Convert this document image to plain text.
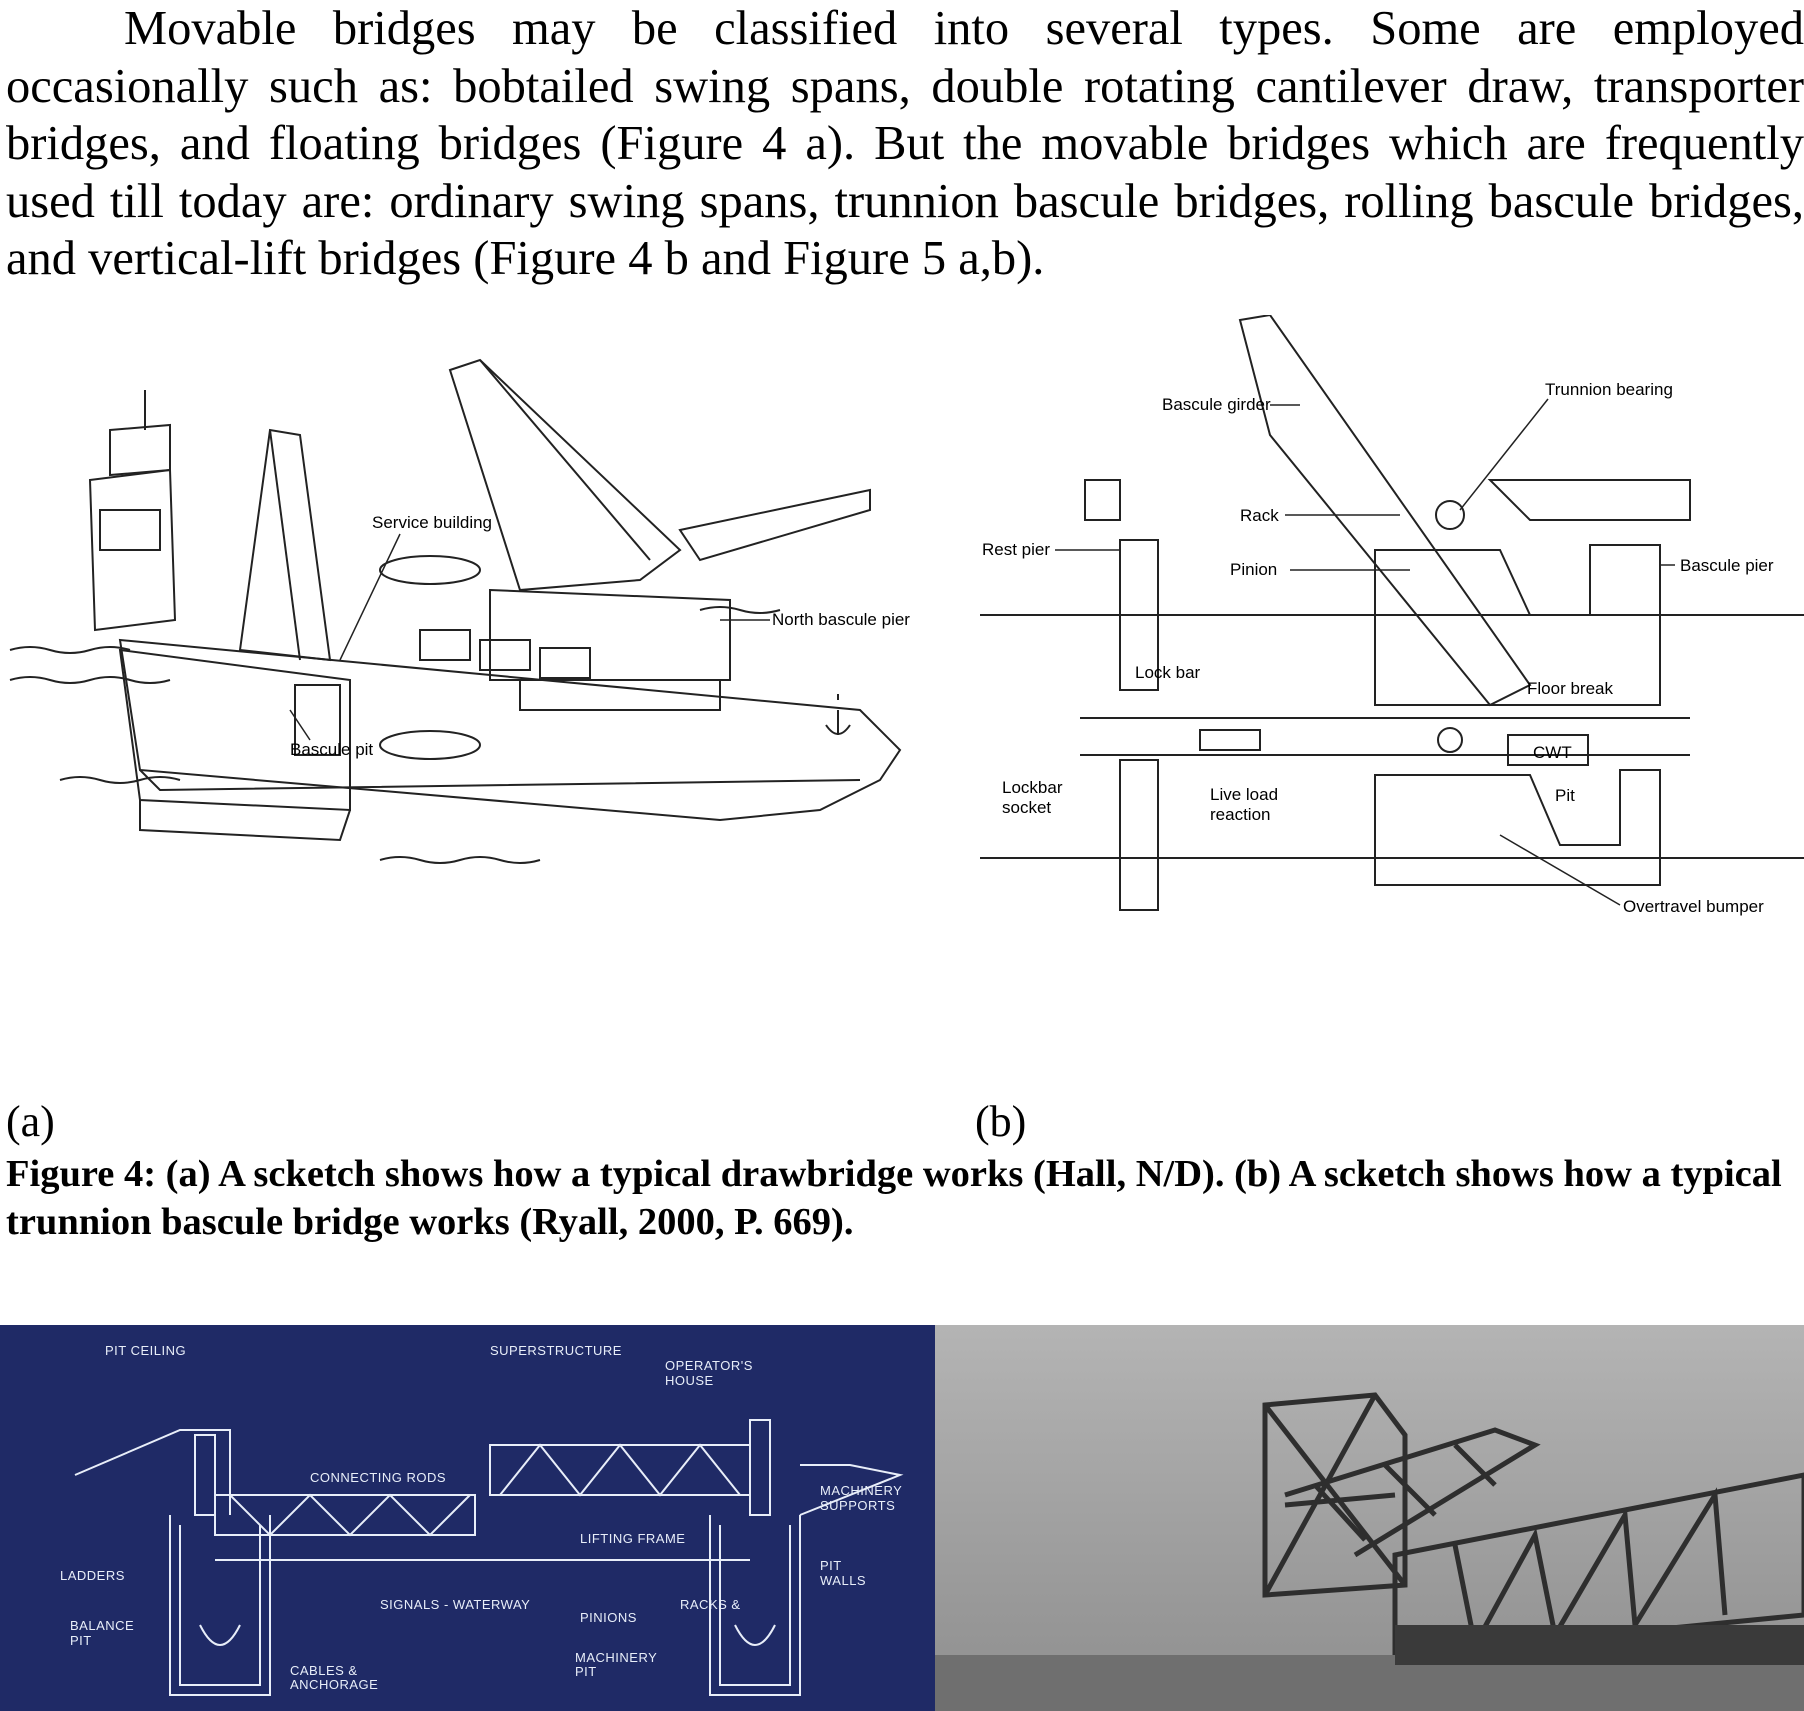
Movable bridges may be classified into several types. Some are employed occasionally such as: bobtailed swing spans, double rotating cantilever draw, transporter bridges, and floating bridges (Figure 4 a). But the movable bridges which are frequently used till today are: ordinary swing spans, trunnion bascule bridges, rolling bascule bridges, and vertical-lift bridges (Figure 4 b and Figure 5 a,b).
Service building
North bascule pier
Bascule pit
Bascule girder
Trunnion bearing
Rack
Rest pier
Pinion	Bascule pier
Lock bar
Floor break
CWT
Pit
Lockbar
socket
Live load
reaction
Overtravel bumper
(a)	(b)
Figure 4: (a) A scketch shows how a typical drawbridge works (Hall, N/D). (b) A scketch shows how a typical trunnion bascule bridge works (Ryall, 2000, P. 669).
PIT CEILING	SUPERSTRUCTURE
OPERATOR'S
HOUSE
CONNECTING RODS
MACHINERY
SUPPORTS
LIFTING FRAME
LADDERS
PIT
WALLS
BALANCE
PIT
SIGNALS - WATERWAY	RACKS &
PINIONS
MACHINERY
PIT
CABLES &
ANCHORAGE
